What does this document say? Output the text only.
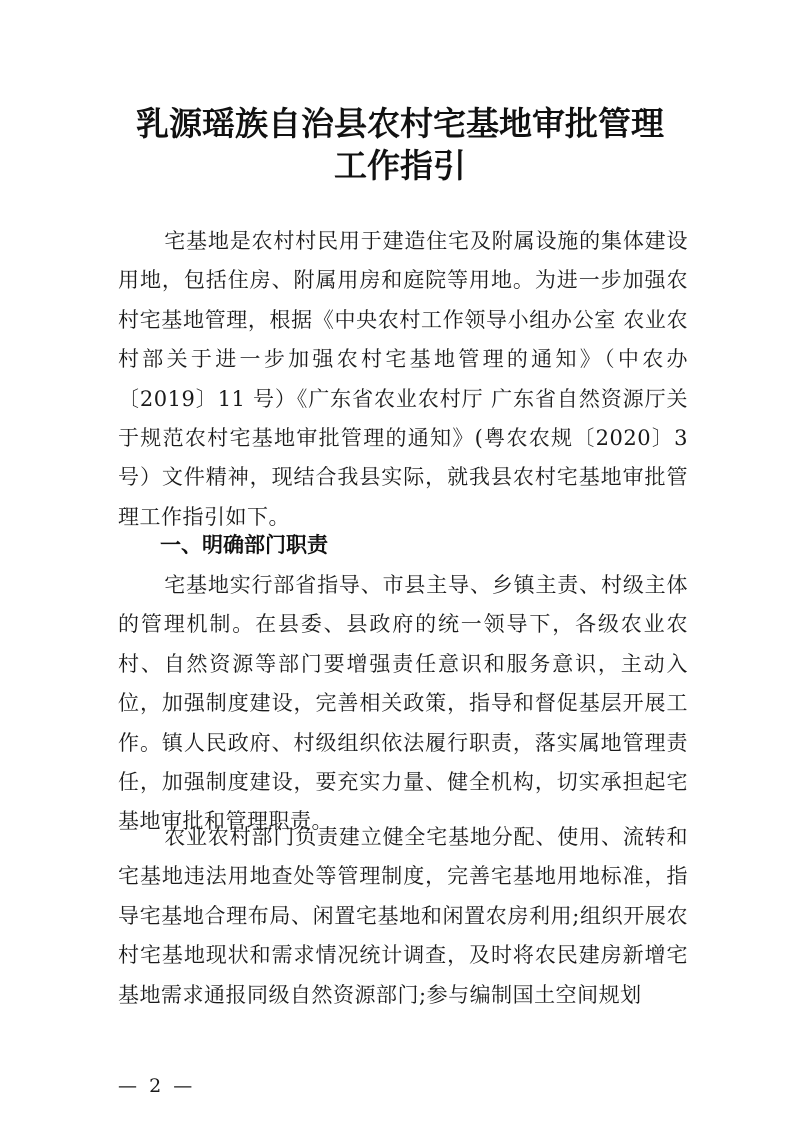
乳源瑶族自治县农村宅基地审批管理
工作指引

宅基地是农村村民用于建造住宅及附属设施的集体建设用地，包括住房、附属用房和庭院等用地。为进一步加强农村宅基地管理，根据《中央农村工作领导小组办公室 农业农村部关于进一步加强农村宅基地管理的通知》（中农办〔2019〕11 号）《广东省农业农村厅 广东省自然资源厅关于规范农村宅基地审批管理的通知》(粤农农规〔2020〕3 号）文件精神，现结合我县实际，就我县农村宅基地审批管理工作指引如下。

一、明确部门职责

宅基地实行部省指导、市县主导、乡镇主责、村级主体的管理机制。在县委、县政府的统一领导下，各级农业农村、自然资源等部门要增强责任意识和服务意识，主动入位，加强制度建设，完善相关政策，指导和督促基层开展工作。镇人民政府、村级组织依法履行职责，落实属地管理责任，加强制度建设，要充实力量、健全机构，切实承担起宅基地审批和管理职责。

农业农村部门负责建立健全宅基地分配、使用、流转和宅基地违法用地查处等管理制度，完善宅基地用地标准，指导宅基地合理布局、闲置宅基地和闲置农房利用;组织开展农村宅基地现状和需求情况统计调查，及时将农民建房新增宅基地需求通报同级自然资源部门;参与编制国土空间规划

—  2  —
